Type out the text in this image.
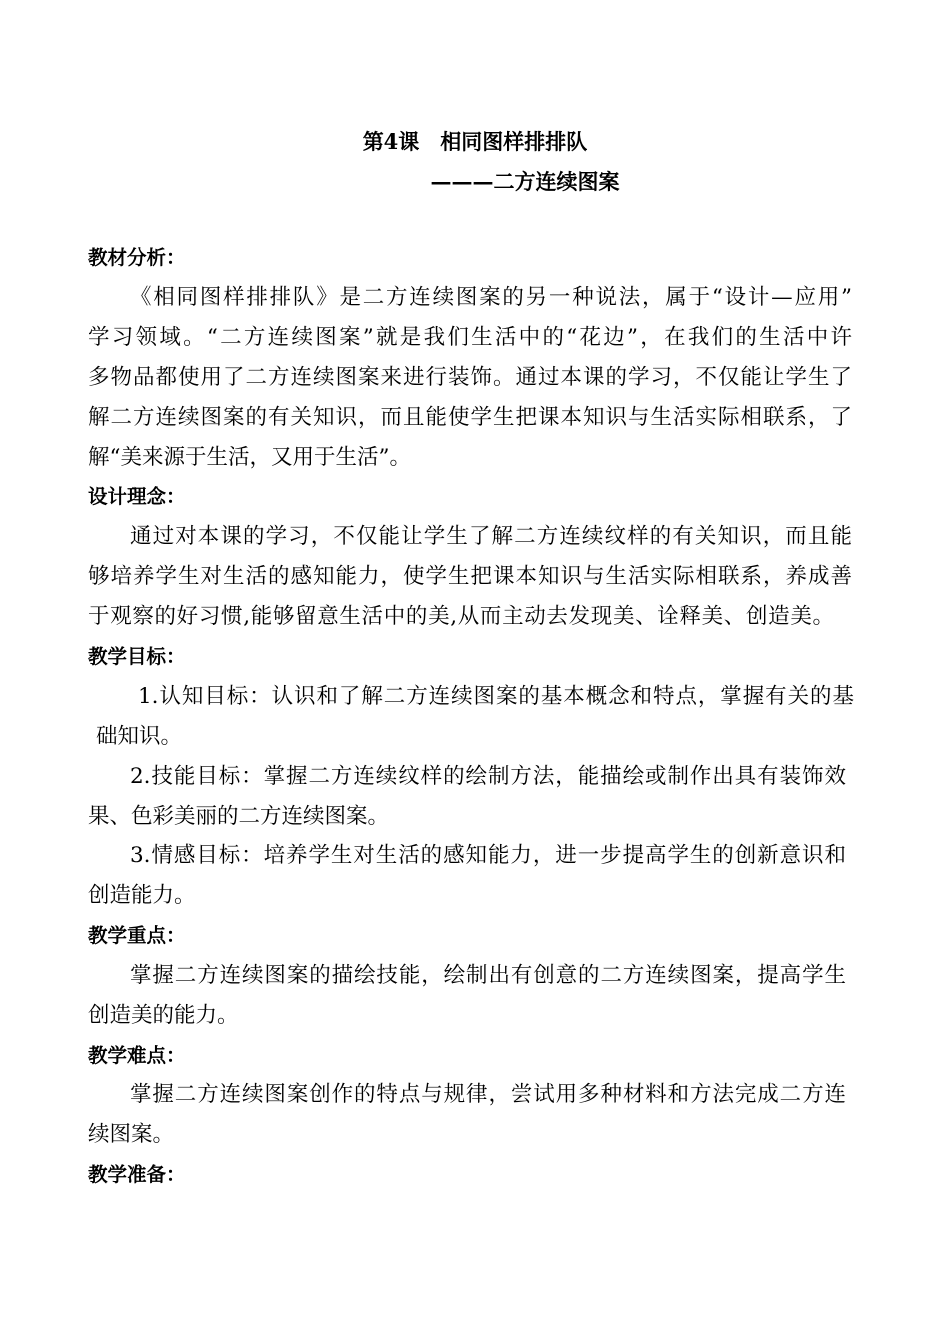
第4课　相同图样排排队
———二方连续图案
教材分析：
《相同图样排排队》是二方连续图案的另一种说法，属于“设计—应用”
学习领域。“二方连续图案”就是我们生活中的“花边”，在我们的生活中许
多物品都使用了二方连续图案来进行装饰。通过本课的学习，不仅能让学生了
解二方连续图案的有关知识，而且能使学生把课本知识与生活实际相联系，了
解“美来源于生活，又用于生活”。
设计理念：
通过对本课的学习，不仅能让学生了解二方连续纹样的有关知识，而且能
够培养学生对生活的感知能力，使学生把课本知识与生活实际相联系，养成善
于观察的好习惯,能够留意生活中的美,从而主动去发现美、诠释美、创造美。
教学目标：
1.认知目标：认识和了解二方连续图案的基本概念和特点，掌握有关的基
础知识。
2.技能目标：掌握二方连续纹样的绘制方法，能描绘或制作出具有装饰效
果、色彩美丽的二方连续图案。
3.情感目标：培养学生对生活的感知能力，进一步提高学生的创新意识和
创造能力。
教学重点：
掌握二方连续图案的描绘技能，绘制出有创意的二方连续图案，提高学生
创造美的能力。
教学难点：
掌握二方连续图案创作的特点与规律，尝试用多种材料和方法完成二方连
续图案。
教学准备：
